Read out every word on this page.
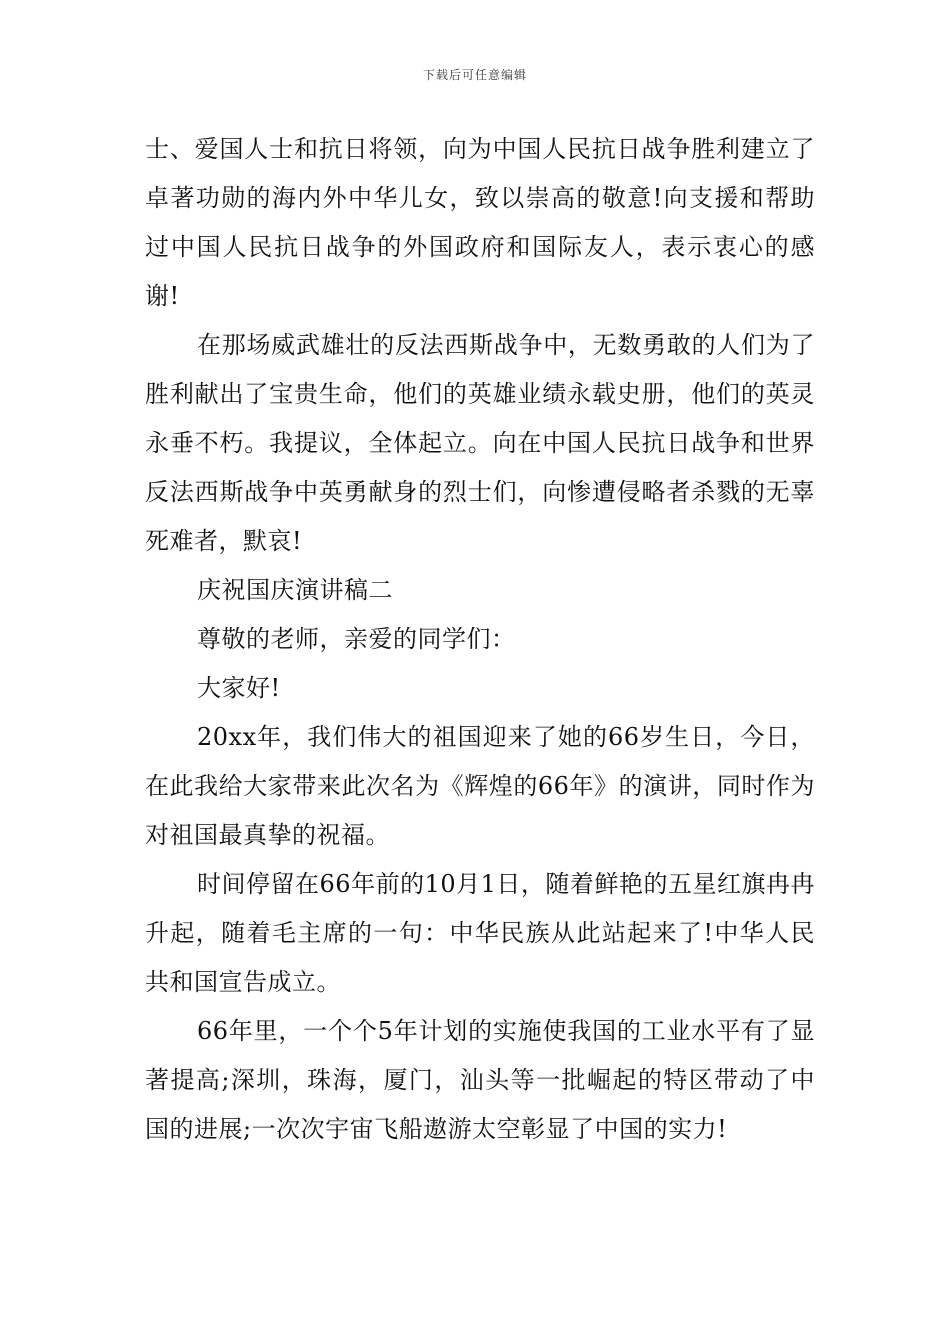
下载后可任意编辑

士、爱国人士和抗日将领，向为中国人民抗日战争胜利建立了卓著功勋的海内外中华儿女，致以崇高的敬意!向支援和帮助过中国人民抗日战争的外国政府和国际友人，表示衷心的感谢!

在那场威武雄壮的反法西斯战争中，无数勇敢的人们为了胜利献出了宝贵生命，他们的英雄业绩永载史册，他们的英灵永垂不朽。我提议，全体起立。向在中国人民抗日战争和世界反法西斯战争中英勇献身的烈士们，向惨遭侵略者杀戮的无辜死难者，默哀!

庆祝国庆演讲稿二

尊敬的老师，亲爱的同学们：

大家好!

20xx年，我们伟大的祖国迎来了她的66岁生日，今日，在此我给大家带来此次名为《辉煌的66年》的演讲，同时作为对祖国最真挚的祝福。

时间停留在66年前的10月1日，随着鲜艳的五星红旗冉冉升起，随着毛主席的一句：中华民族从此站起来了!中华人民共和国宣告成立。

66年里，一个个5年计划的实施使我国的工业水平有了显著提高;深圳，珠海，厦门，汕头等一批崛起的特区带动了中国的进展;一次次宇宙飞船遨游太空彰显了中国的实力!
